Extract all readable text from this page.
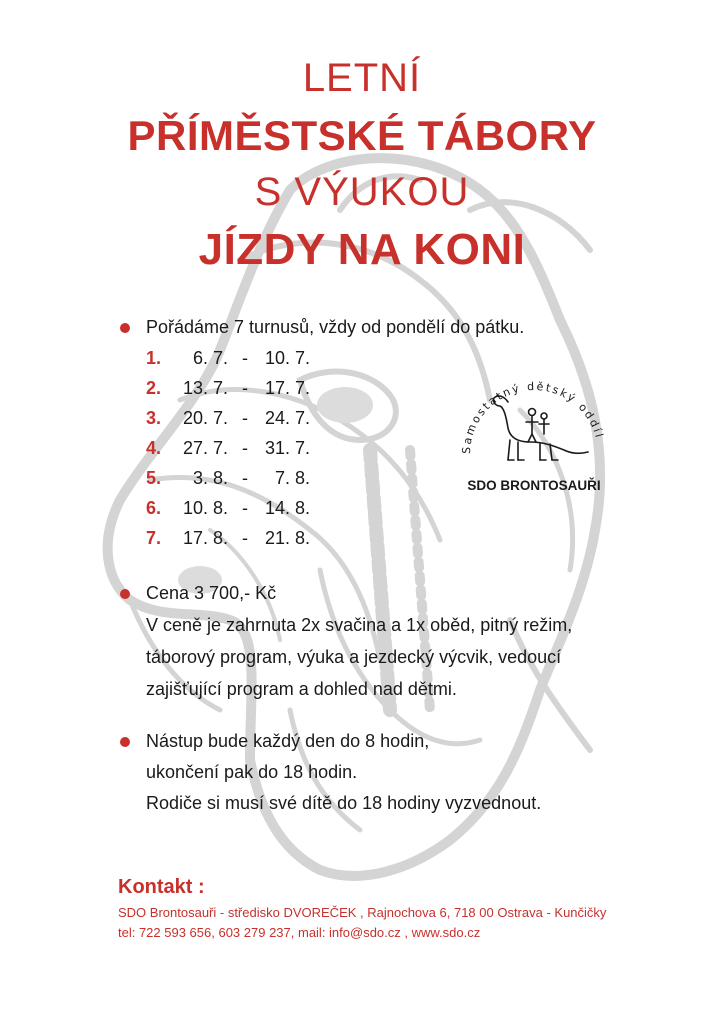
LETNÍ
PŘÍMĚSTSKÉ TÁBORY
S VÝUKOU
JÍZDY NA KONI
Pořádáme 7 turnusů, vždy od pondělí do pátku.
1.	6. 7. - 10. 7.
2.	13. 7. - 17. 7.
3.	20. 7. - 24. 7.
4.	27. 7. - 31. 7.
5.	3. 8. -	7. 8.
6.	10. 8. - 14. 8.
7.	17. 8. - 21. 8.
Samostatný dětský oddíl
SDO BRONTOSAUŘI
Cena 3 700,- Kč
V ceně je zahrnuta 2x svačina a 1x oběd, pitný režim,
táborový program, výuka a jezdecký výcvik, vedoucí
zajišťující program a dohled nad dětmi.
Nástup bude každý den do 8 hodin,
ukončení pak do 18 hodin.
Rodiče si musí své dítě do 18 hodiny vyzvednout.
Kontakt :
SDO Brontosauři - středisko DVOREČEK , Rajnochova 6, 718 00 Ostrava - Kunčičky
tel: 722 593 656, 603 279 237, mail: info@sdo.cz , www.sdo.cz
